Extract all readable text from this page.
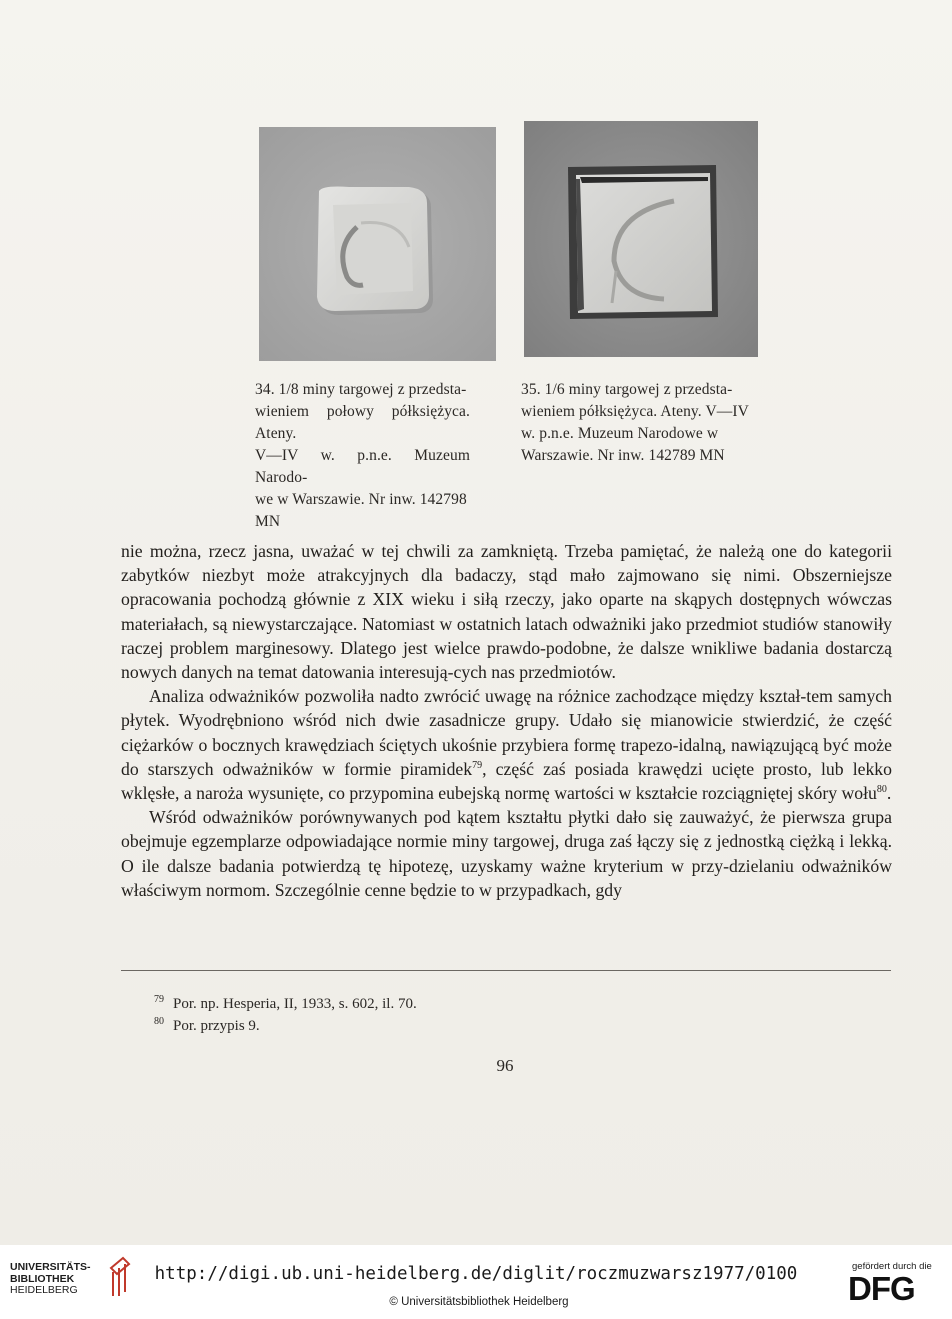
34. 1/8 miny targowej z przedsta-
wieniem połowy półksiężyca. Ateny.
V—IV w. p.n.e. Muzeum Narodo-
we w Warszawie. Nr inw. 142798
MN
35. 1/6 miny targowej z przedsta-
wieniem półksiężyca. Ateny. V—IV
w. p.n.e. Muzeum Narodowe w
Warszawie. Nr inw. 142789 MN

nie można, rzecz jasna, uważać w tej chwili za zamkniętą. Trzeba pamiętać, że należą one do kategorii zabytków niezbyt może atrakcyjnych dla badaczy, stąd mało zajmowano się nimi. Obszerniejsze opracowania pochodzą głównie z XIX wieku i siłą rzeczy, jako oparte na skąpych dostępnych wówczas materiałach, są niewystarczające. Natomiast w ostatnich latach odważniki jako przedmiot studiów stanowiły raczej problem marginesowy. Dlatego jest wielce prawdo-podobne, że dalsze wnikliwe badania dostarczą nowych danych na temat datowania interesują-cych nas przedmiotów.

Analiza odważników pozwoliła nadto zwrócić uwagę na różnice zachodzące między kształ-tem samych płytek. Wyodrębniono wśród nich dwie zasadnicze grupy. Udało się mianowicie stwierdzić, że część ciężarków o bocznych krawędziach ściętych ukośnie przybiera formę trapezo-idalną, nawiązującą być może do starszych odważników w formie piramidek$^{79}$, część zaś posiada krawędzi ucięte prosto, lub lekko wklęsłe, a naroża wysunięte, co przypomina eubejską normę wartości w kształcie rozciągniętej skóry wołu$^{80}$.

Wśród odważników porównywanych pod kątem kształtu płytki dało się zauważyć, że pierwsza grupa obejmuje egzemplarze odpowiadające normie miny targowej, druga zaś łączy się z jednostką ciężką i lekką. O ile dalsze badania potwierdzą tę hipotezę, uzyskamy ważne kryterium w przy-dzielaniu odważników właściwym normom. Szczególnie cenne będzie to w przypadkach, gdy

79 Por. np. Hesperia, II, 1933, s. 602, il. 70.
80 Por. przypis 9.
96
UNIVERSITÄTS-
BIBLIOTHEK
HEIDELBERG
http://digi.ub.uni-heidelberg.de/diglit/roczmuzwarsz1977/0100
© Universitätsbibliothek Heidelberg
gefördert durch die
DFG
